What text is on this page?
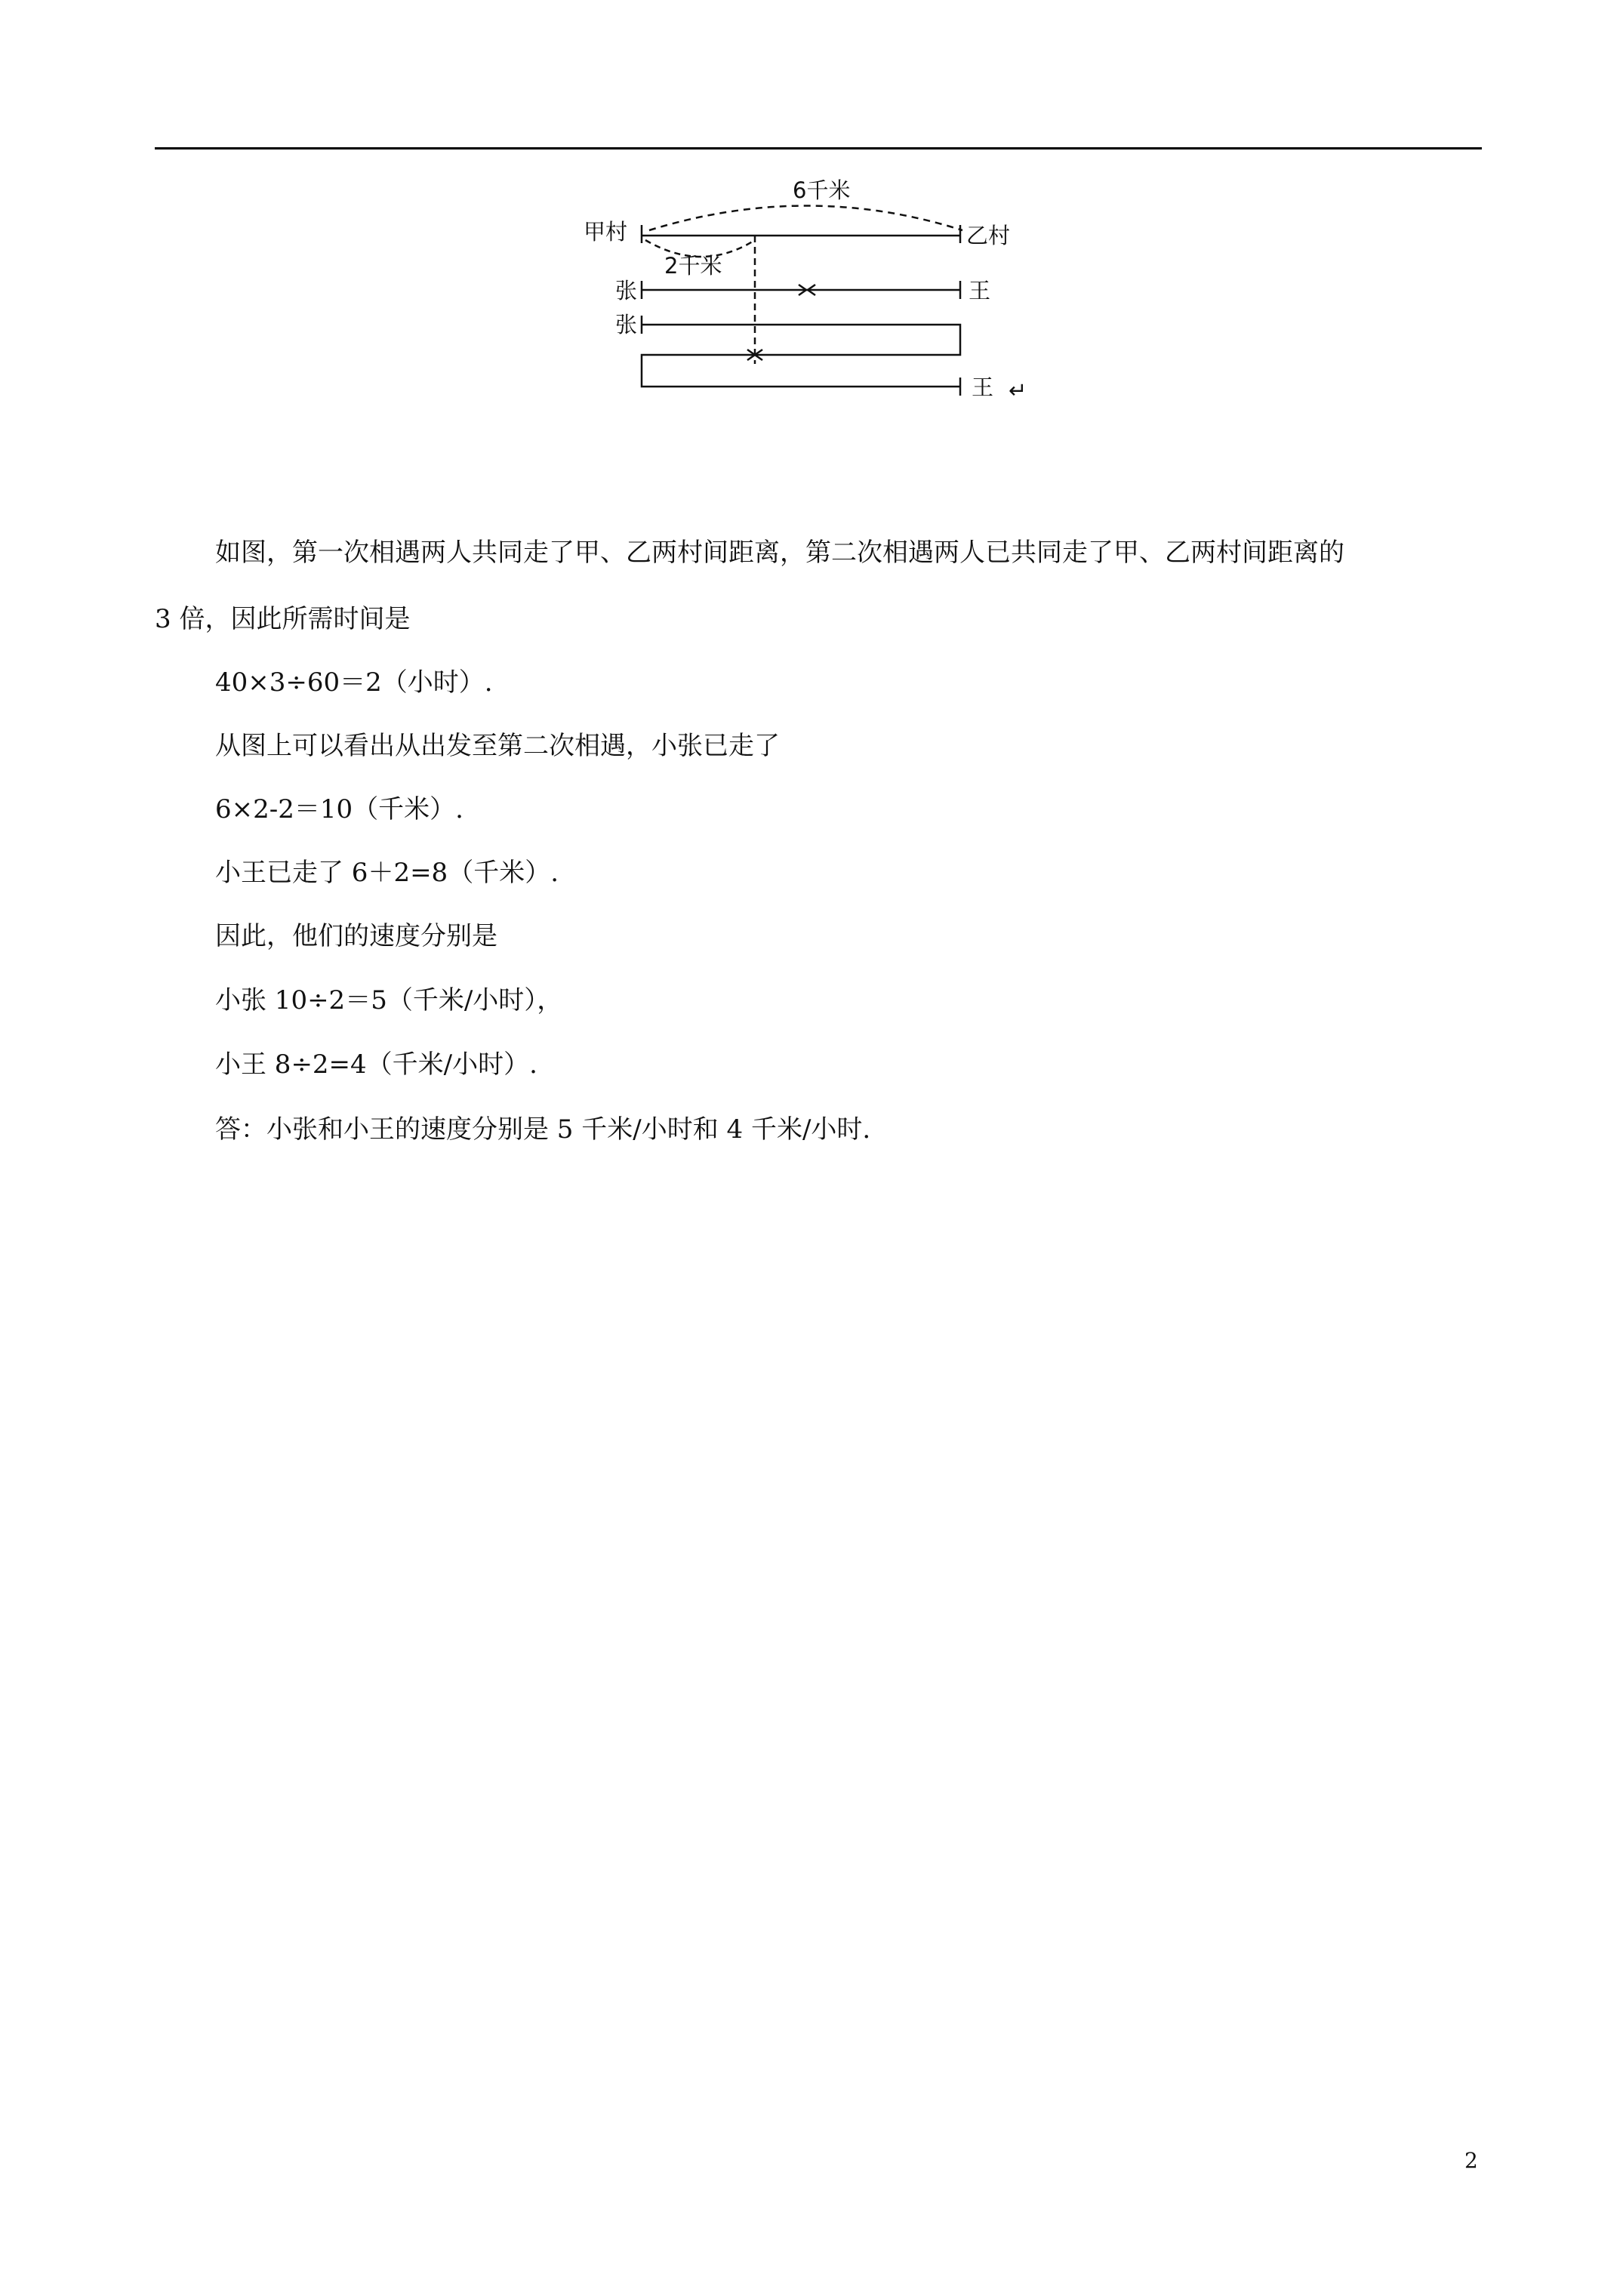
6千米
甲村	乙村
2千米
张	王
张
王 ↵

如图，第一次相遇两人共同走了甲、乙两村间距离，第二次相遇两人已共同走了甲、乙两村间距离的

3 倍，因此所需时间是

40×3÷60＝2（小时）.

从图上可以看出从出发至第二次相遇，小张已走了

6×2-2＝10（千米）.

小王已走了 6＋2=8（千米）.

因此，他们的速度分别是

小张 10÷2＝5（千米/小时），

小王 8÷2=4（千米/小时）.

答：小张和小王的速度分别是 5 千米/小时和 4 千米/小时.

2
